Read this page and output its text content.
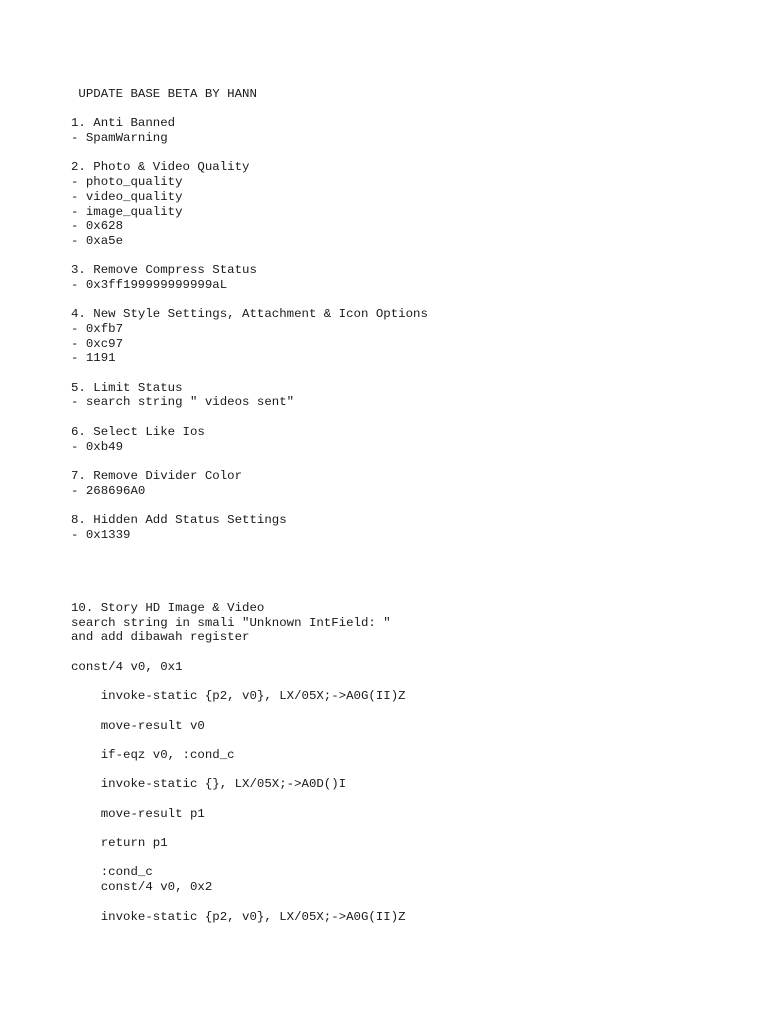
UPDATE BASE BETA BY HANN
1. Anti Banned
- SpamWarning
2. Photo & Video Quality
- photo_quality
- video_quality
- image_quality
- 0x628
- 0xa5e
3. Remove Compress Status
- 0x3ff199999999999aL
4. New Style Settings, Attachment & Icon Options
- 0xfb7
- 0xc97
- 1191
5. Limit Status
- search string " videos sent"
6. Select Like Ios
- 0xb49
7. Remove Divider Color
- 268696A0
8. Hidden Add Status Settings
- 0x1339
10. Story HD Image & Video
search string in smali "Unknown IntField: "
and add dibawah register
const/4 v0, 0x1
invoke-static {p2, v0}, LX/05X;->A0G(II)Z
move-result v0
if-eqz v0, :cond_c
invoke-static {}, LX/05X;->A0D()I
move-result p1
return p1
:cond_c
const/4 v0, 0x2
invoke-static {p2, v0}, LX/05X;->A0G(II)Z
